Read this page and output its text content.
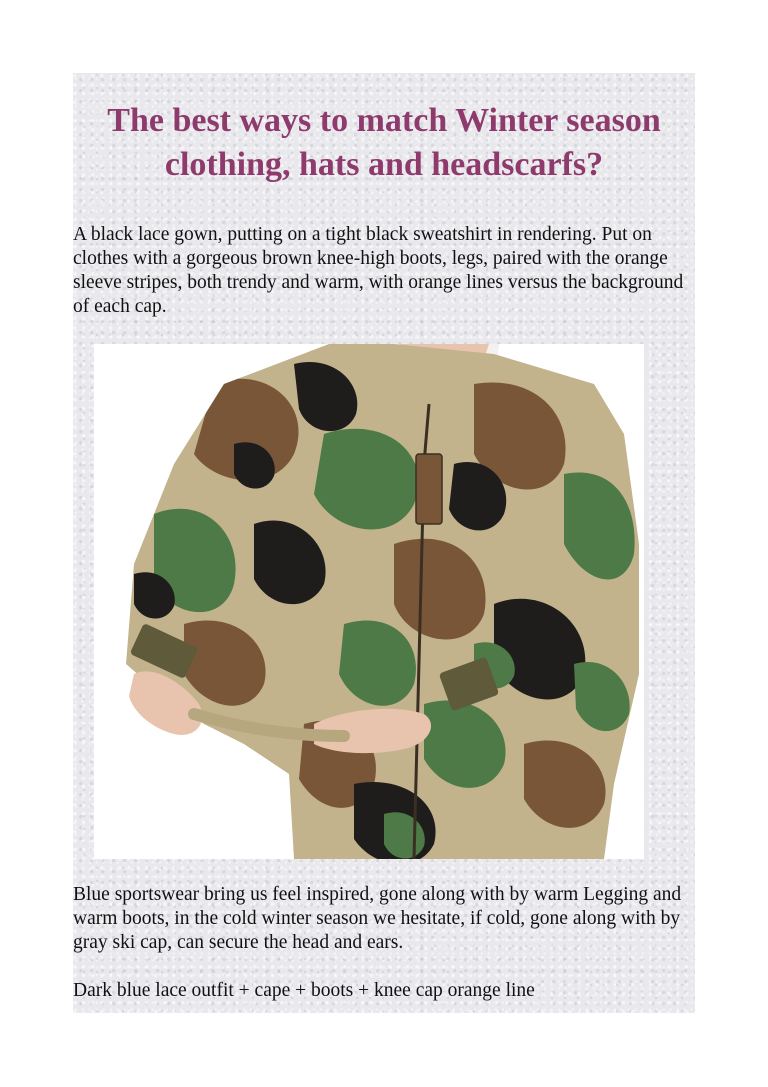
The best ways to match Winter season clothing, hats and headscarfs?

A black lace gown, putting on a tight black sweatshirt in rendering. Put on clothes with a gorgeous brown knee-high boots, legs, paired with the orange sleeve stripes, both trendy and warm, with orange lines versus the background of each cap.

Blue sportswear bring us feel inspired, gone along with by warm Legging and warm boots, in the cold winter season we hesitate, if cold, gone along with by gray ski cap, can secure the head and ears.

Dark blue lace outfit + cape + boots + knee cap orange line
